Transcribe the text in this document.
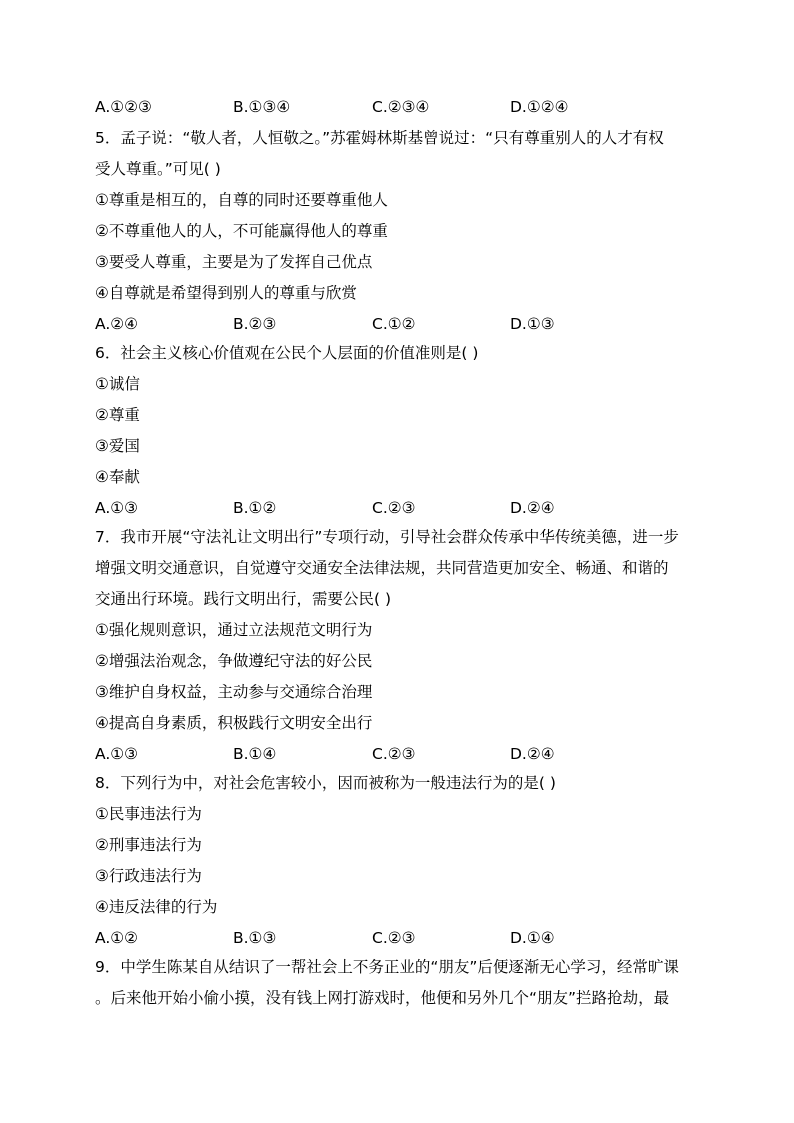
A.①②③	B.①③④	C.②③④	D.①②④
5．孟子说：“敬人者，人恒敬之。”苏霍姆林斯基曾说过：“只有尊重别人的人才有权
受人尊重。”可见( )
①尊重是相互的，自尊的同时还要尊重他人
②不尊重他人的人，不可能赢得他人的尊重
③要受人尊重，主要是为了发挥自己优点
④自尊就是希望得到别人的尊重与欣赏
A.②④	B.②③	C.①②	D.①③
6．社会主义核心价值观在公民个人层面的价值准则是( )
①诚信
②尊重
③爱国
④奉献
A.①③	B.①②	C.②③	D.②④
7．我市开展“守法礼让文明出行”专项行动，引导社会群众传承中华传统美德，进一步
增强文明交通意识，自觉遵守交通安全法律法规，共同营造更加安全、畅通、和谐的
交通出行环境。践行文明出行，需要公民( )
①强化规则意识，通过立法规范文明行为
②增强法治观念，争做遵纪守法的好公民
③维护自身权益，主动参与交通综合治理
④提高自身素质，积极践行文明安全出行
A.①③	B.①④	C.②③	D.②④
8．下列行为中，对社会危害较小，因而被称为一般违法行为的是( )
①民事违法行为
②刑事违法行为
③行政违法行为
④违反法律的行为
A.①②	B.①③	C.②③	D.①④
9．中学生陈某自从结识了一帮社会上不务正业的“朋友”后便逐渐无心学习，经常旷课
。后来他开始小偷小摸，没有钱上网打游戏时，他便和另外几个“朋友”拦路抢劫，最
